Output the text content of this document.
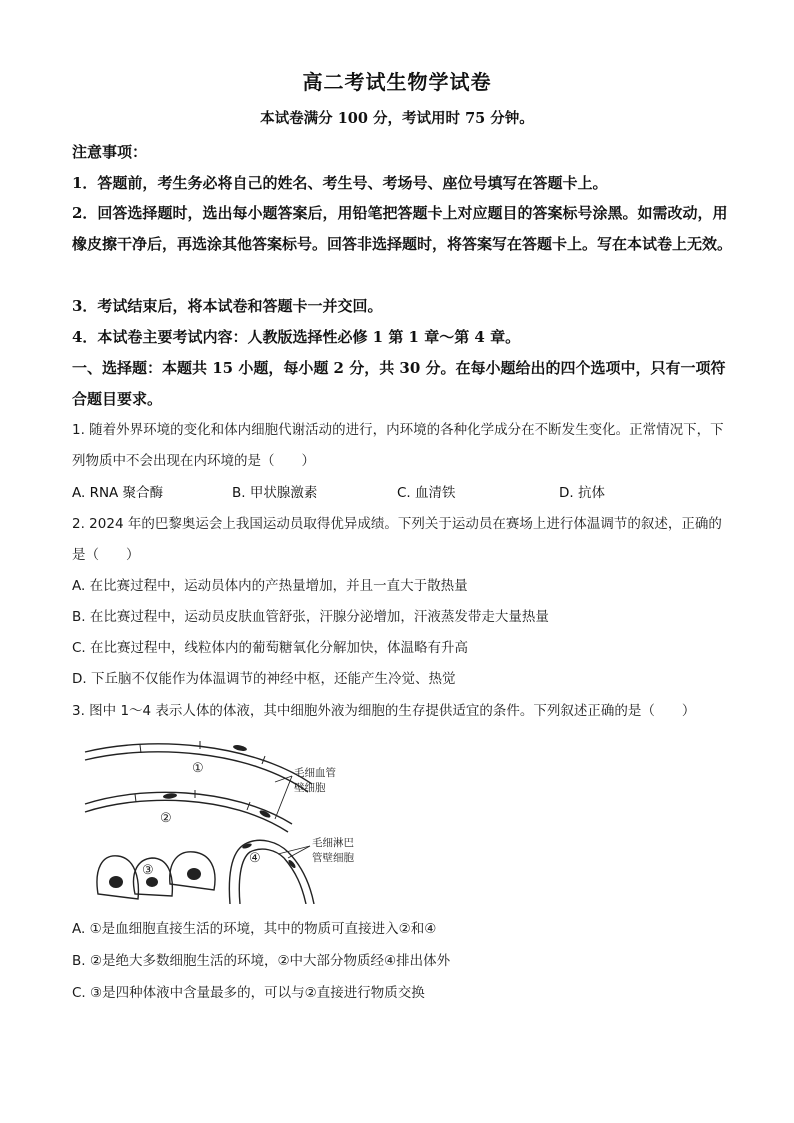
高二考试生物学试卷
本试卷满分 100 分，考试用时 75 分钟。
注意事项：
1．答题前，考生务必将自己的姓名、考生号、考场号、座位号填写在答题卡上。
2．回答选择题时，选出每小题答案后，用铅笔把答题卡上对应题目的答案标号涂黑。如需改动，用橡皮擦干净后，再选涂其他答案标号。回答非选择题时，将答案写在答题卡上。写在本试卷上无效。
3．考试结束后，将本试卷和答题卡一并交回。
4．本试卷主要考试内容：人教版选择性必修 1 第 1 章～第 4 章。
一、选择题：本题共 15 小题，每小题 2 分，共 30 分。在每小题给出的四个选项中，只有一项符合题目要求。
1. 随着外界环境的变化和体内细胞代谢活动的进行，内环境的各种化学成分在不断发生变化。正常情况下，下列物质中不会出现在内环境的是（　　）
A. RNA 聚合酶	B. 甲状腺激素	C. 血清铁	D. 抗体
2. 2024 年的巴黎奥运会上我国运动员取得优异成绩。下列关于运动员在赛场上进行体温调节的叙述，正确的是（　　）
A. 在比赛过程中，运动员体内的产热量增加，并且一直大于散热量
B. 在比赛过程中，运动员皮肤血管舒张，汗腺分泌增加，汗液蒸发带走大量热量
C. 在比赛过程中，线粒体内的葡萄糖氧化分解加快，体温略有升高
D. 下丘脑不仅能作为体温调节的神经中枢，还能产生冷觉、热觉
3. 图中 1～4 表示人体的体液，其中细胞外液为细胞的生存提供适宜的条件。下列叙述正确的是（　　）
①
②
③
④
毛细血管
壁细胞
毛细淋巴
管壁细胞
A. ①是血细胞直接生活的环境，其中的物质可直接进入②和④
B. ②是绝大多数细胞生活的环境，②中大部分物质经④排出体外
C. ③是四种体液中含量最多的，可以与②直接进行物质交换
